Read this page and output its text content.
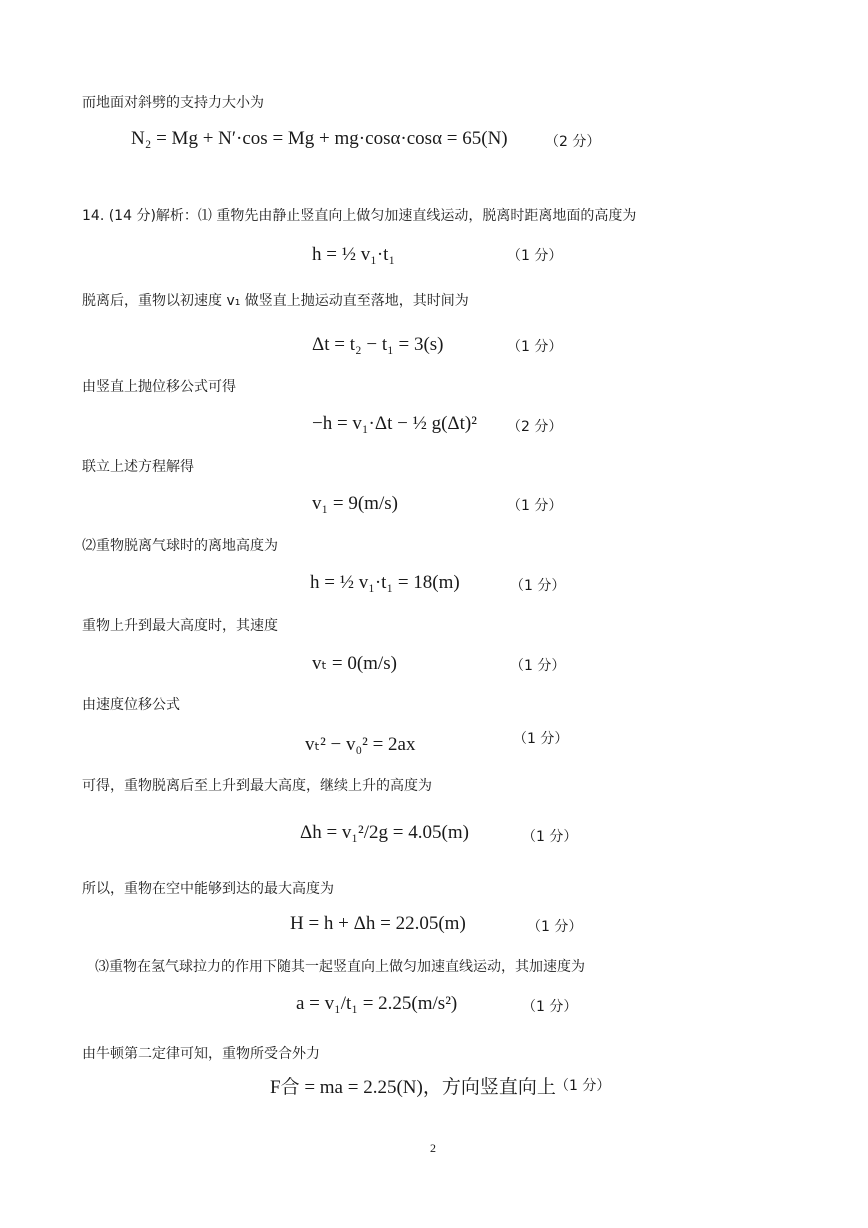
而地面对斜劈的支持力大小为
N₂ = Mg + N′·cos = Mg + mg·cosα·cosα = 65(N)	（2 分）
14. (14 分)解析：⑴ 重物先由静止竖直向上做匀加速直线运动，脱离时距离地面的高度为
h = ½ v₁·t₁	（1 分）
脱离后，重物以初速度 v₁ 做竖直上抛运动直至落地，其时间为
Δt = t₂ − t₁ = 3(s)	（1 分）
由竖直上抛位移公式可得
−h = v₁·Δt − ½ g(Δt)² （2 分）
联立上述方程解得
v₁ = 9(m/s)	（1 分）
⑵重物脱离气球时的离地高度为
h = ½ v₁·t₁ = 18(m)	（1 分）
重物上升到最大高度时，其速度
vₜ = 0(m/s)	（1 分）
由速度位移公式
vₜ² − v₀² = 2ax	（1 分）
可得，重物脱离后至上升到最大高度，继续上升的高度为
Δh = v₁²/2g = 4.05(m)	（1 分）
所以，重物在空中能够到达的最大高度为
H = h + Δh = 22.05(m)	（1 分）
⑶重物在氢气球拉力的作用下随其一起竖直向上做匀加速直线运动，其加速度为
a = v₁/t₁ = 2.25(m/s²)	（1 分）
由牛顿第二定律可知，重物所受合外力
F合 = ma = 2.25(N)，方向竖直向上 （1 分）
2
